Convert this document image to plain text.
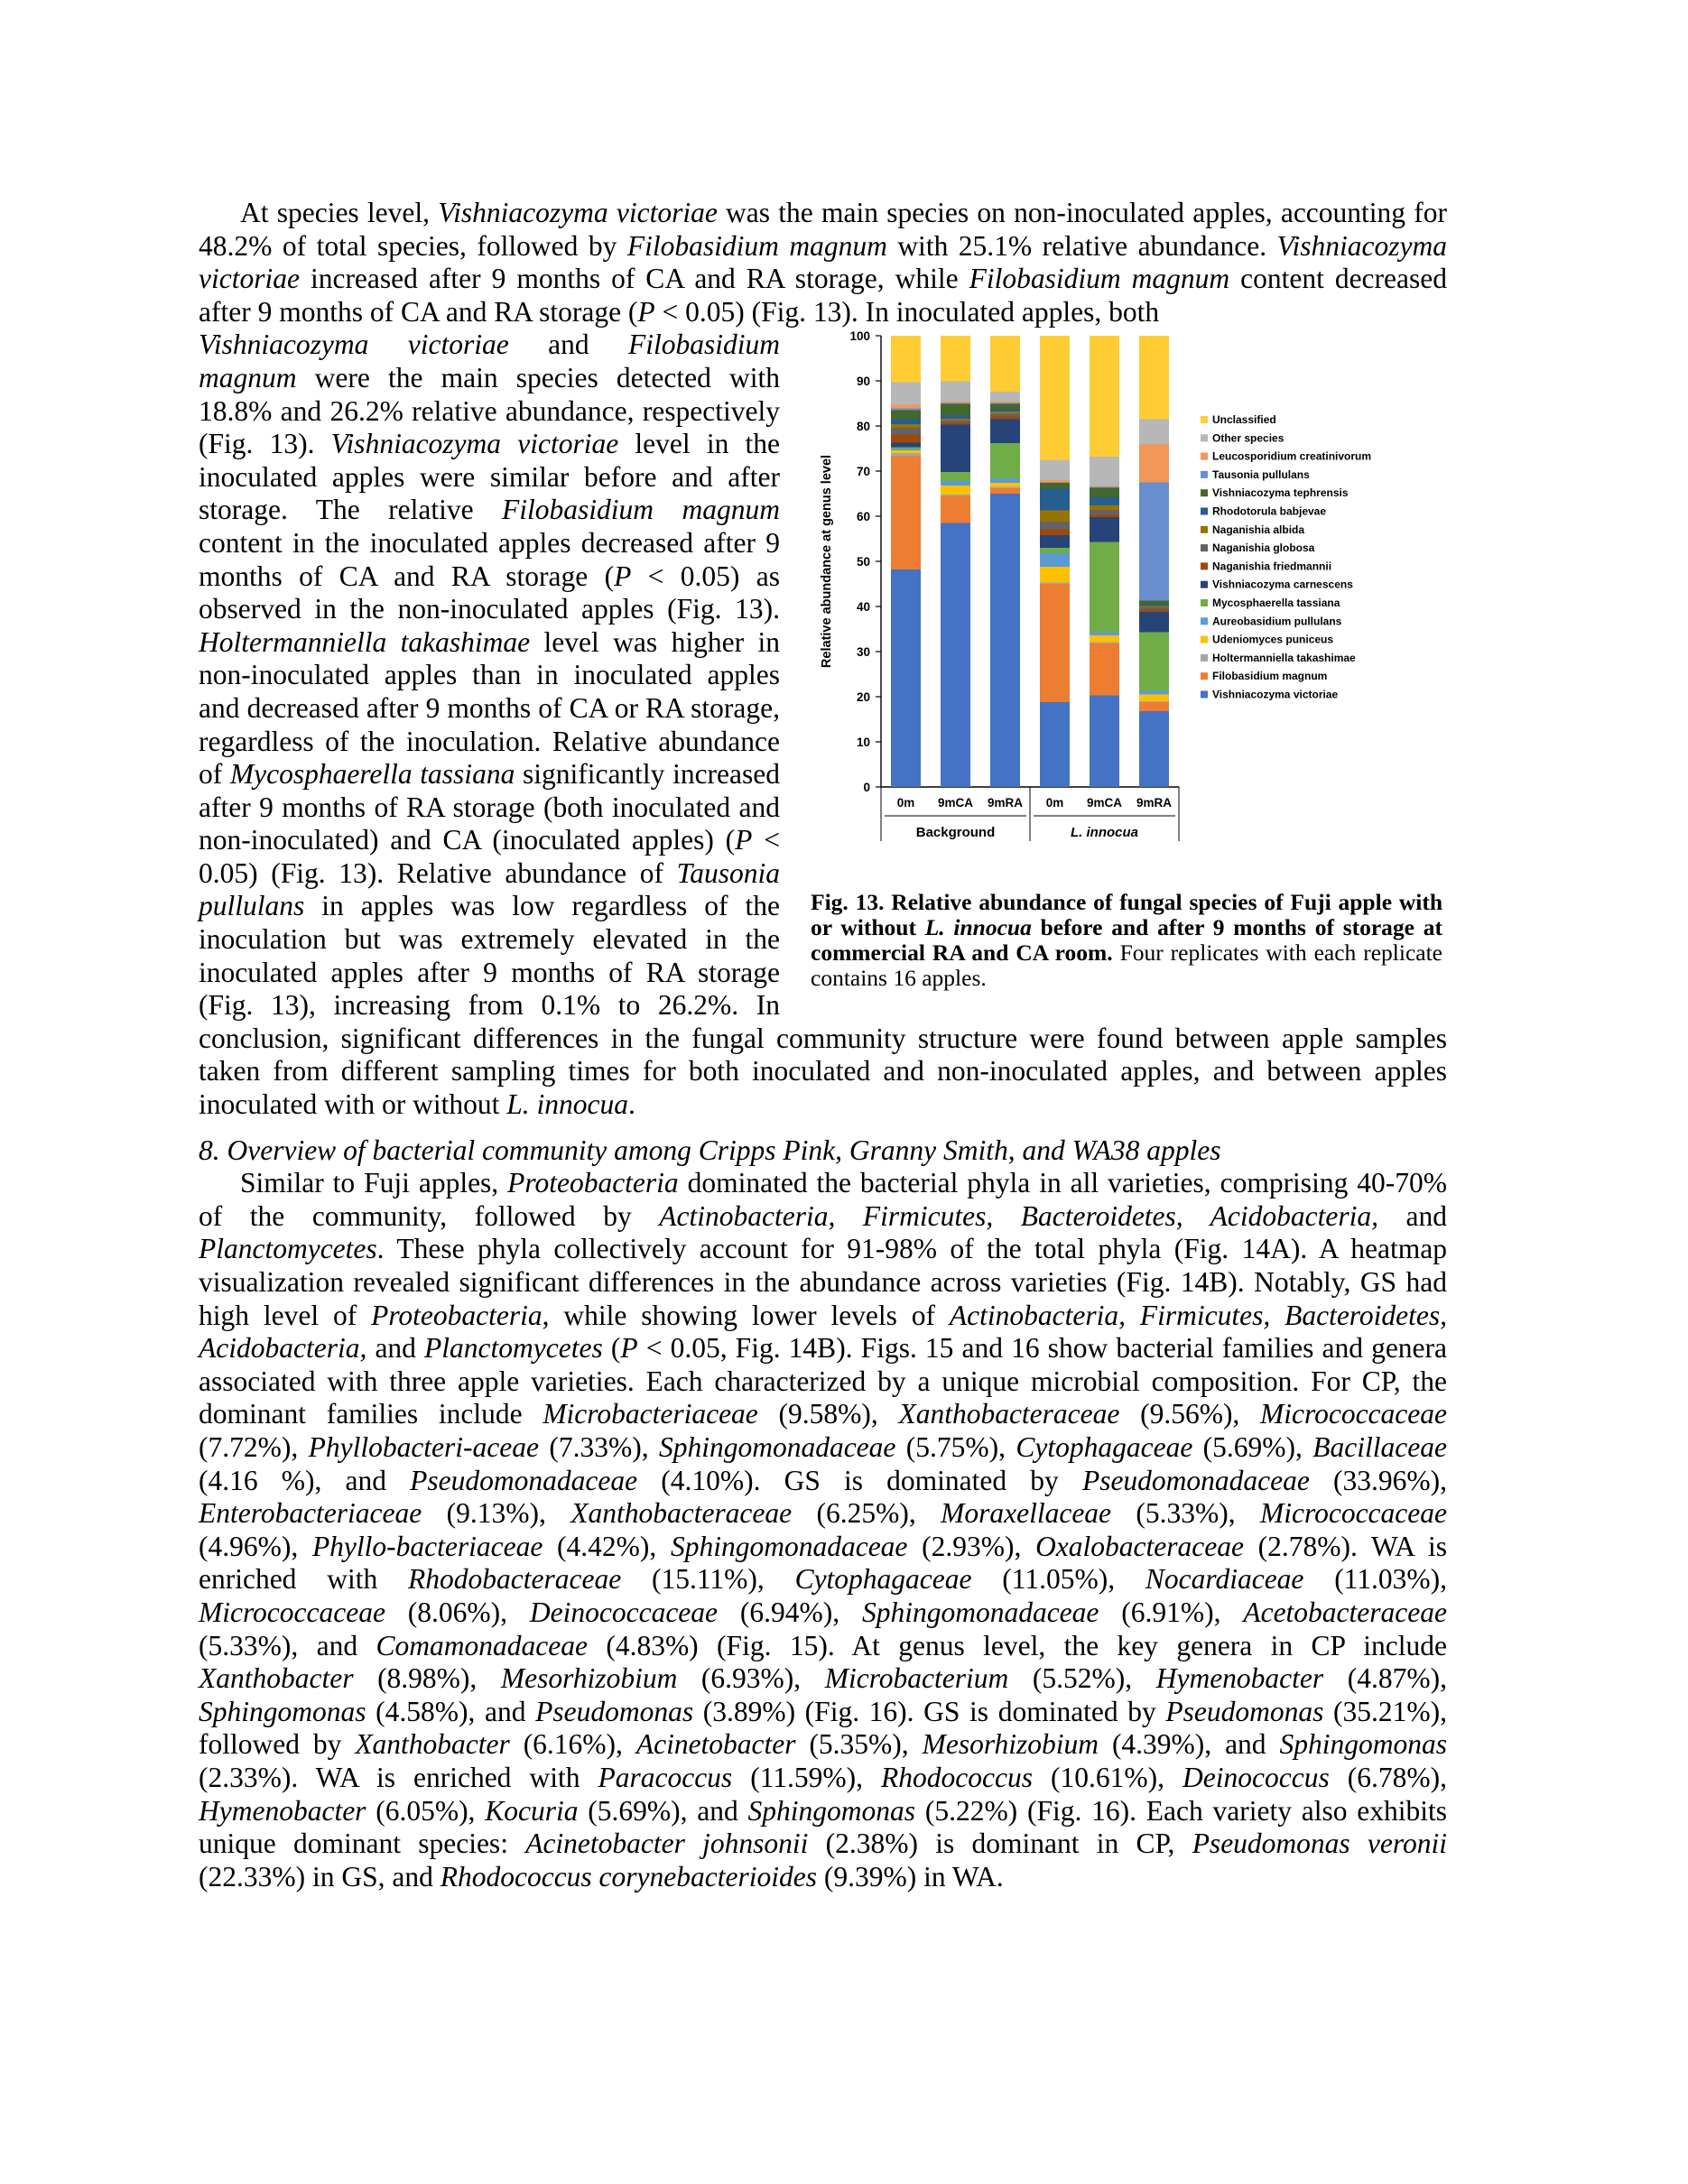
At species level, Vishniacozyma victoriae was the main species on non-inoculated apples, accounting for 48.2% of total species, followed by Filobasidium magnum with 25.1% relative abundance. Vishniacozyma victoriae increased after 9 months of CA and RA storage, while Filobasidium magnum content decreased after 9 months of CA and RA storage (P < 0.05) (Fig. 13). In inoculated apples, both
0
10
20
30
40
50
60
70
80
90
100
Relative abundance at genus level
0m 9mCA 9mRA 0m 9mCA 9mRA
Background	L. innocua
Unclassified
Other species
Leucosporidium creatinivorum
Tausonia pullulans
Vishniacozyma tephrensis
Rhodotorula babjevae
Naganishia albida
Naganishia globosa
Naganishia friedmannii
Vishniacozyma carnescens
Mycosphaerella tassiana
Aureobasidium pullulans
Udeniomyces puniceus
Holtermanniella takashimae
Filobasidium magnum
Vishniacozyma victoriae

Fig. 13. Relative abundance of fungal species of Fuji apple with or without L. innocua before and after 9 months of storage at commercial RA and CA room. Four replicates with each replicate contains 16 apples.

Vishniacozyma victoriae and Filobasidium magnum were the main species detected with 18.8% and 26.2% relative abundance, respectively (Fig. 13). Vishniacozyma victoriae level in the inoculated apples were similar before and after storage. The relative Filobasidium magnum content in the inoculated apples decreased after 9 months of CA and RA storage (P < 0.05) as observed in the non-inoculated apples (Fig. 13). Holtermanniella takashimae level was higher in non-inoculated apples than in inoculated apples and decreased after 9 months of CA or RA storage, regardless of the inoculation. Relative abundance of Mycosphaerella tassiana significantly increased after 9 months of RA storage (both inoculated and non-inoculated) and CA (inoculated apples) (P < 0.05) (Fig. 13). Relative abundance of Tausonia pullulans in apples was low regardless of the inoculation but was extremely elevated in the inoculated apples after 9 months of RA storage (Fig. 13), increasing from 0.1% to 26.2%. In conclusion, significant differences in the fungal community structure were found between apple samples taken from different sampling times for both inoculated and non-inoculated apples, and between apples inoculated with or without L. innocua.

8. Overview of bacterial community among Cripps Pink, Granny Smith, and WA38 apples

Similar to Fuji apples, Proteobacteria dominated the bacterial phyla in all varieties, comprising 40-70% of the community, followed by Actinobacteria, Firmicutes, Bacteroidetes, Acidobacteria, and Planctomycetes. These phyla collectively account for 91-98% of the total phyla (Fig. 14A). A heatmap visualization revealed significant differences in the abundance across varieties (Fig. 14B). Notably, GS had high level of Proteobacteria, while showing lower levels of Actinobacteria, Firmicutes, Bacteroidetes, Acidobacteria, and Planctomycetes (P < 0.05, Fig. 14B). Figs. 15 and 16 show bacterial families and genera associated with three apple varieties. Each characterized by a unique microbial composition. For CP, the dominant families include Microbacteriaceae (9.58%), Xanthobacteraceae (9.56%), Micrococcaceae (7.72%), Phyllobacteri-aceae (7.33%), Sphingomonadaceae (5.75%), Cytophagaceae (5.69%), Bacillaceae (4.16 %), and Pseudomonadaceae (4.10%). GS is dominated by Pseudomonadaceae (33.96%), Enterobacteriaceae (9.13%), Xanthobacteraceae (6.25%), Moraxellaceae (5.33%), Micrococcaceae (4.96%), Phyllo-bacteriaceae (4.42%), Sphingomonadaceae (2.93%), Oxalobacteraceae (2.78%). WA is enriched with Rhodobacteraceae (15.11%), Cytophagaceae (11.05%), Nocardiaceae (11.03%), Micrococcaceae (8.06%), Deinococcaceae (6.94%), Sphingomonadaceae (6.91%), Acetobacteraceae (5.33%), and Comamonadaceae (4.83%) (Fig. 15). At genus level, the key genera in CP include Xanthobacter (8.98%), Mesorhizobium (6.93%), Microbacterium (5.52%), Hymenobacter (4.87%), Sphingomonas (4.58%), and Pseudomonas (3.89%) (Fig. 16). GS is dominated by Pseudomonas (35.21%), followed by Xanthobacter (6.16%), Acinetobacter (5.35%), Mesorhizobium (4.39%), and Sphingomonas (2.33%). WA is enriched with Paracoccus (11.59%), Rhodococcus (10.61%), Deinococcus (6.78%), Hymenobacter (6.05%), Kocuria (5.69%), and Sphingomonas (5.22%) (Fig. 16). Each variety also exhibits unique dominant species: Acinetobacter johnsonii (2.38%) is dominant in CP, Pseudomonas veronii (22.33%) in GS, and Rhodococcus corynebacterioides (9.39%) in WA.
